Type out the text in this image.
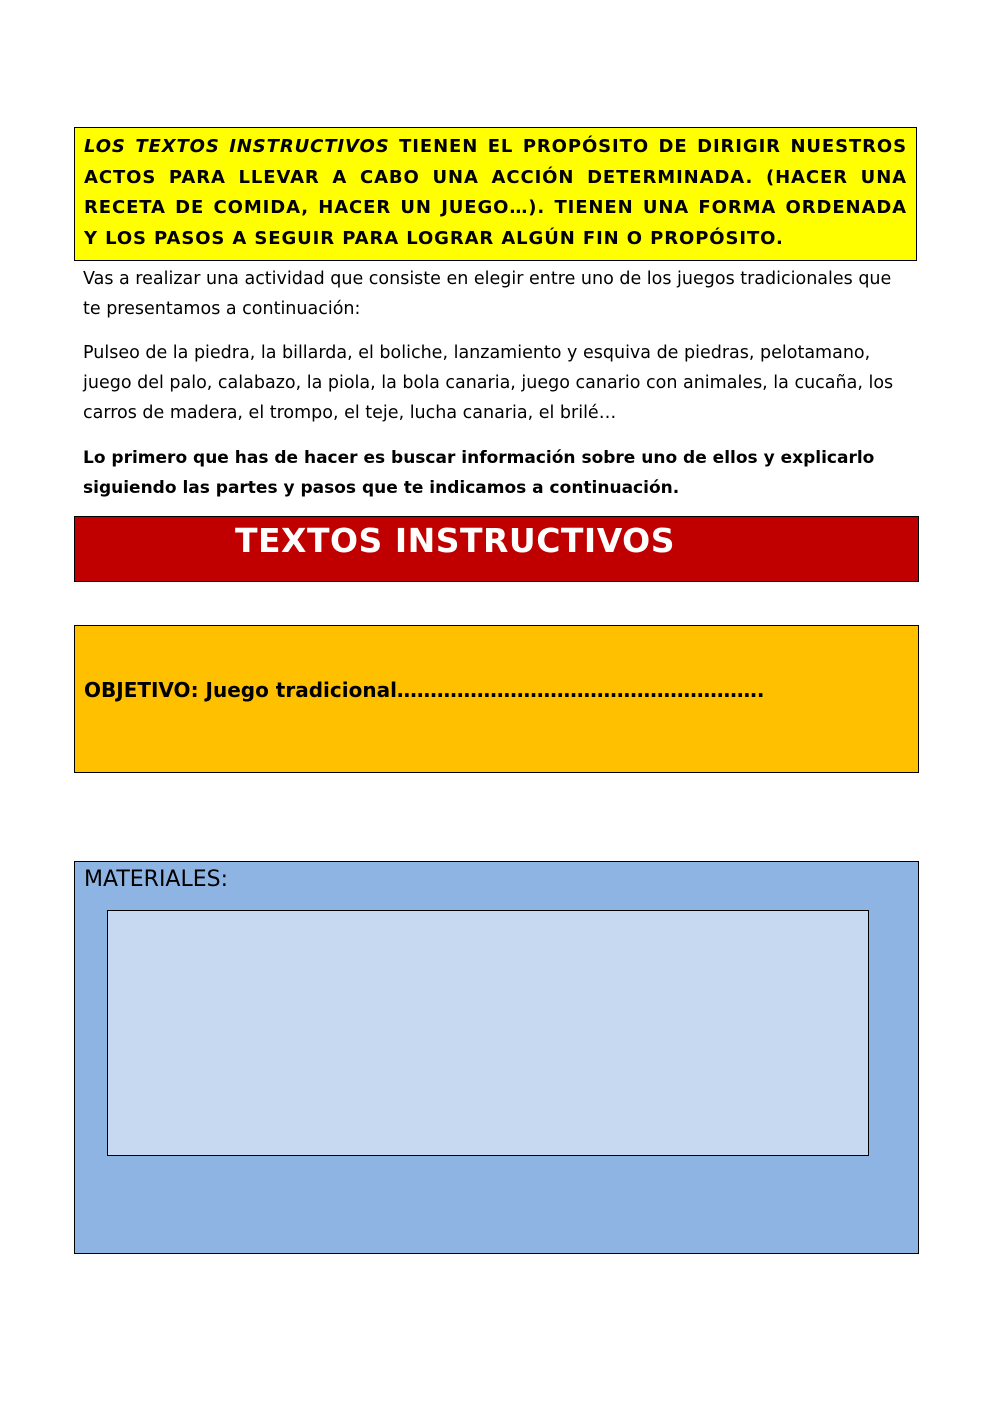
LOS TEXTOS INSTRUCTIVOS TIENEN EL PROPÓSITO DE DIRIGIR NUESTROS ACTOS PARA LLEVAR A CABO UNA ACCIÓN DETERMINADA. (HACER UNA RECETA DE COMIDA, HACER UN JUEGO…). TIENEN UNA FORMA ORDENADA Y LOS PASOS A SEGUIR PARA LOGRAR ALGÚN FIN O PROPÓSITO.
Vas a realizar una actividad que consiste en elegir entre uno de los juegos tradicionales que te presentamos a continuación:
Pulseo de la piedra, la billarda, el boliche, lanzamiento y esquiva de piedras, pelotamano, juego del palo, calabazo, la piola, la bola canaria, juego canario con animales, la cucaña, los carros de madera, el trompo, el teje, lucha canaria, el brilé…
Lo primero que has de hacer es buscar información sobre uno de ellos y explicarlo siguiendo las partes y pasos que te indicamos a continuación.
TEXTOS INSTRUCTIVOS
OBJETIVO: Juego tradicional……………………………………………….
MATERIALES:
